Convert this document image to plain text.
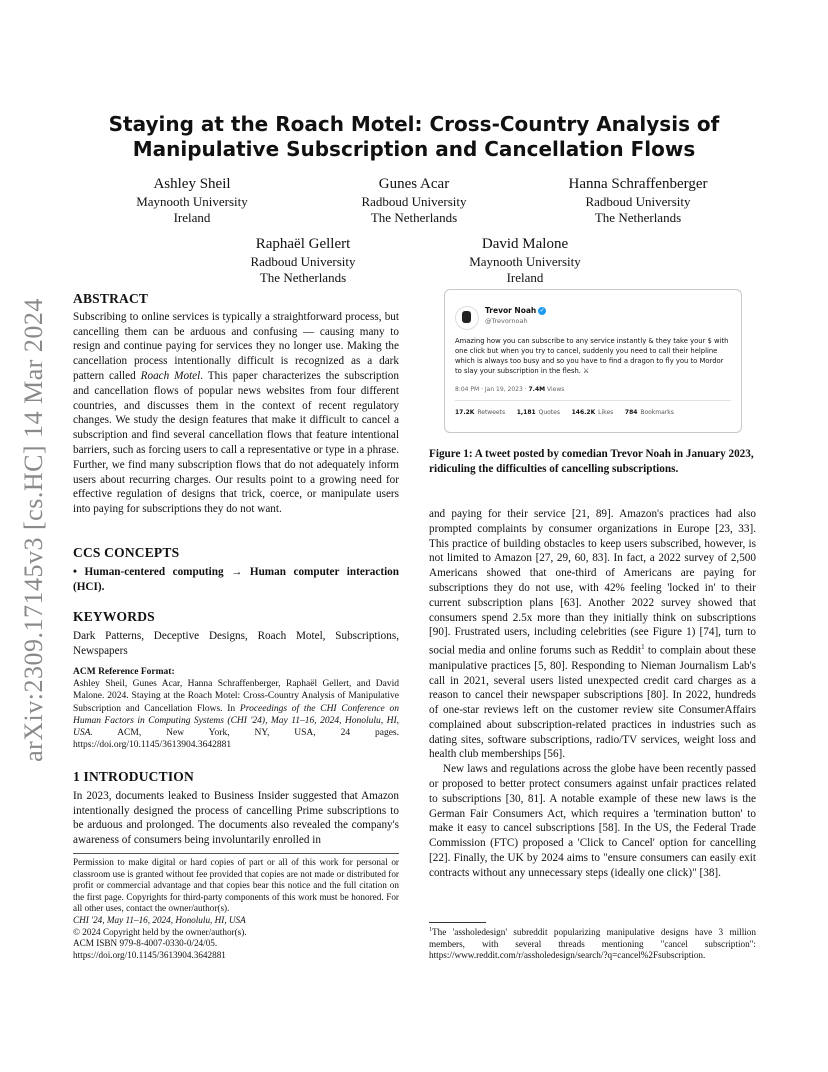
arXiv:2309.17145v3 [cs.HC] 14 Mar 2024
Staying at the Roach Motel: Cross-Country Analysis of
Manipulative Subscription and Cancellation Flows
Ashley Sheil
Maynooth University
Ireland
Gunes Acar
Radboud University
The Netherlands
Hanna Schraffenberger
Radboud University
The Netherlands
Raphaël Gellert
Radboud University
The Netherlands
David Malone
Maynooth University
Ireland
ABSTRACT

Subscribing to online services is typically a straightforward process, but cancelling them can be arduous and confusing — causing many to resign and continue paying for services they no longer use. Making the cancellation process intentionally difficult is recognized as a dark pattern called Roach Motel. This paper characterizes the subscription and cancellation flows of popular news websites from four different countries, and discusses them in the context of recent regulatory changes. We study the design features that make it difficult to cancel a subscription and find several cancellation flows that feature intentional barriers, such as forcing users to call a representative or type in a phrase. Further, we find many subscription flows that do not adequately inform users about recurring charges. Our results point to a growing need for effective regulation of designs that trick, coerce, or manipulate users into paying for subscriptions they do not want.

CCS CONCEPTS

• Human-centered computing → Human computer interaction (HCI).

KEYWORDS

Dark Patterns, Deceptive Designs, Roach Motel, Subscriptions, Newspapers

ACM Reference Format:

Ashley Sheil, Gunes Acar, Hanna Schraffenberger, Raphaël Gellert, and David Malone. 2024. Staying at the Roach Motel: Cross-Country Analysis of Manipulative Subscription and Cancellation Flows. In Proceedings of the CHI Conference on Human Factors in Computing Systems (CHI '24), May 11–16, 2024, Honolulu, HI, USA. ACM, New York, NY, USA, 24 pages. https://doi.org/10.1145/3613904.3642881

1 INTRODUCTION

In 2023, documents leaked to Business Insider suggested that Amazon intentionally designed the process of cancelling Prime subscriptions to be arduous and prolonged. The documents also revealed the company's awareness of consumers being involuntarily enrolled in

Permission to make digital or hard copies of part or all of this work for personal or classroom use is granted without fee provided that copies are not made or distributed for profit or commercial advantage and that copies bear this notice and the full citation on the first page. Copyrights for third-party components of this work must be honored. For all other uses, contact the owner/author(s).

CHI '24, May 11–16, 2024, Honolulu, HI, USA
© 2024 Copyright held by the owner/author(s).
ACM ISBN 979-8-4007-0330-0/24/05.
https://doi.org/10.1145/3613904.3642881
Trevor Noah ✓
@Trevornoah
Amazing how you can subscribe to any service instantly & they take your $ with one click but when you try to cancel, suddenly you need to call their helpline which is always too busy and so you have to find a dragon to fly you to Mordor to slay your subscription in the flesh. ⚔
8:04 PM · Jan 19, 2023 · 7.4M Views
17.2K Retweets 1,181 Quotes 146.2K Likes 784 Bookmarks
Figure 1: A tweet posted by comedian Trevor Noah in January 2023, ridiculing the difficulties of cancelling subscriptions.

and paying for their service [21, 89]. Amazon's practices had also prompted complaints by consumer organizations in Europe [23, 33]. This practice of building obstacles to keep users subscribed, however, is not limited to Amazon [27, 29, 60, 83]. In fact, a 2022 survey of 2,500 Americans showed that one-third of Americans are paying for subscriptions they do not use, with 42% feeling 'locked in' to their current subscription plans [63]. Another 2022 survey showed that consumers spend 2.5x more than they initially think on subscriptions [90]. Frustrated users, including celebrities (see Figure 1) [74], turn to social media and online forums such as Reddit$^1$ to complain about these manipulative practices [5, 80]. Responding to Nieman Journalism Lab's call in 2021, several users listed unexpected credit card charges as a reason to cancel their newspaper subscriptions [80]. In 2022, hundreds of one-star reviews left on the customer review site ConsumerAffairs complained about subscription-related practices in industries such as dating sites, software subscriptions, radio/TV services, weight loss and health club memberships [56].

New laws and regulations across the globe have been recently passed or proposed to better protect consumers against unfair practices related to subscriptions [30, 81]. A notable example of these new laws is the German Fair Consumers Act, which requires a 'termination button' to make it easy to cancel subscriptions [58]. In the US, the Federal Trade Commission (FTC) proposed a 'Click to Cancel' option for cancelling [22]. Finally, the UK by 2024 aims to "ensure consumers can easily exit contracts without any unnecessary steps (ideally one click)" [38].

$^1$The 'assholedesign' subreddit popularizing manipulative designs have 3 million members, with several threads mentioning "cancel subscription": https://www.reddit.com/r/assholedesign/search/?q=cancel%2Fsubscription.
